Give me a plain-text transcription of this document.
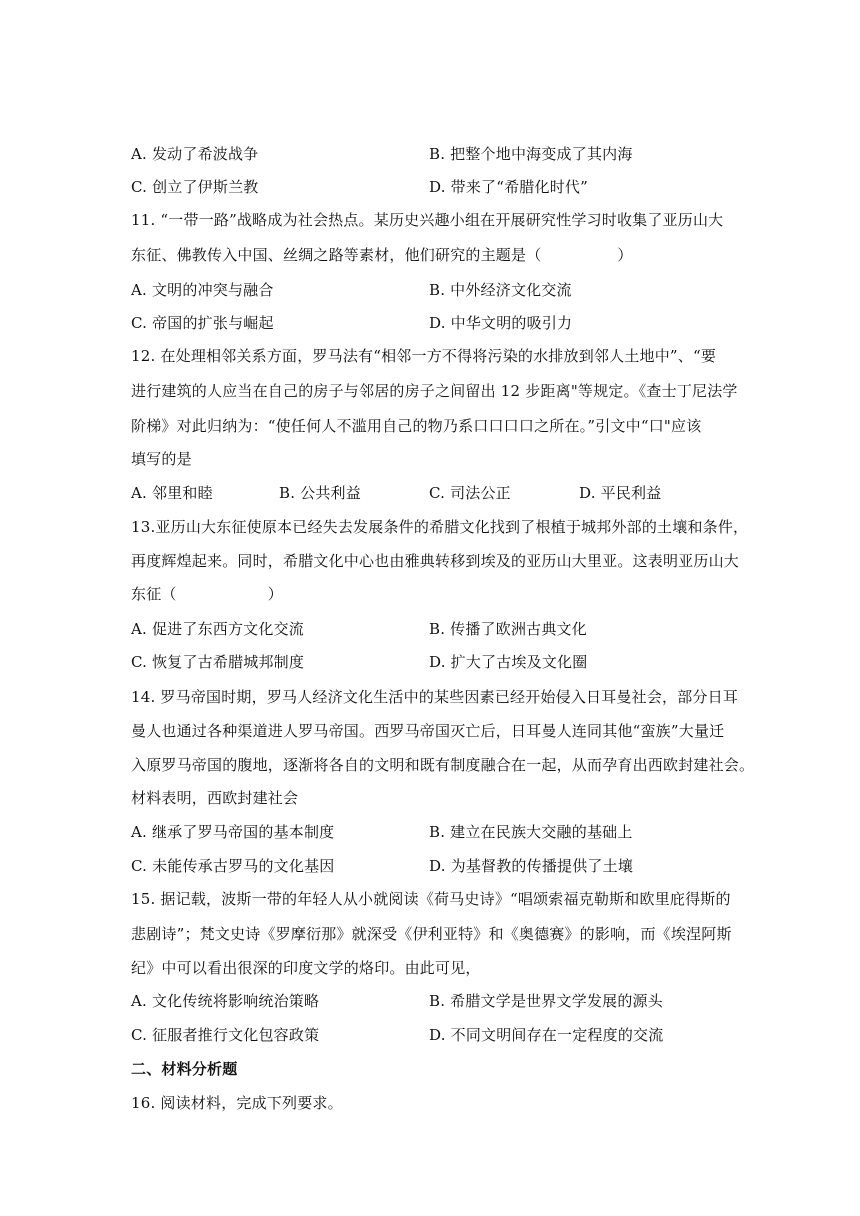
A. 发动了希波战争	B. 把整个地中海变成了其内海
C. 创立了伊斯兰教	D. 带来了“希腊化时代”
11. “一带一路”战略成为社会热点。某历史兴趣小组在开展研究性学习时收集了亚历山大
东征、佛教传入中国、丝绸之路等素材，他们研究的主题是（　　　　　）
A. 文明的冲突与融合	B. 中外经济文化交流
C. 帝国的扩张与崛起	D. 中华文明的吸引力
12. 在处理相邻关系方面，罗马法有“相邻一方不得将污染的水排放到邻人土地中”、“要
进行建筑的人应当在自己的房子与邻居的房子之间留出 12 步距离"等规定。《查士丁尼法学
阶梯》对此归纳为：“使任何人不滥用自己的物乃系口口口口之所在。”引文中“口"应该
填写的是
A. 邻里和睦	B. 公共利益	C. 司法公正	D. 平民利益
13.亚历山大东征使原本已经失去发展条件的希腊文化找到了根植于城邦外部的土壤和条件，
再度辉煌起来。同时，希腊文化中心也由雅典转移到埃及的亚历山大里亚。这表明亚历山大
东征（　　　　　　）
A. 促进了东西方文化交流	B. 传播了欧洲古典文化
C. 恢复了古希腊城邦制度	D. 扩大了古埃及文化圈
14. 罗马帝国时期，罗马人经济文化生活中的某些因素已经开始侵入日耳曼社会，部分日耳
曼人也通过各种渠道进人罗马帝国。西罗马帝国灭亡后，日耳曼人连同其他“蛮族”大量迁
入原罗马帝国的腹地，逐渐将各自的文明和既有制度融合在一起，从而孕育出西欧封建社会。
材料表明，西欧封建社会
A. 继承了罗马帝国的基本制度	B. 建立在民族大交融的基础上
C. 未能传承古罗马的文化基因	D. 为基督教的传播提供了土壤
15. 据记载，波斯一带的年轻人从小就阅读《荷马史诗》“唱颂索福克勒斯和欧里庇得斯的
悲剧诗”；梵文史诗《罗摩衍那》就深受《伊利亚特》和《奥德赛》的影响，而《埃涅阿斯
纪》中可以看出很深的印度文学的烙印。由此可见，
A. 文化传统将影响统治策略	B. 希腊文学是世界文学发展的源头
C. 征服者推行文化包容政策	D. 不同文明间存在一定程度的交流
二、材料分析题
16. 阅读材料，完成下列要求。
